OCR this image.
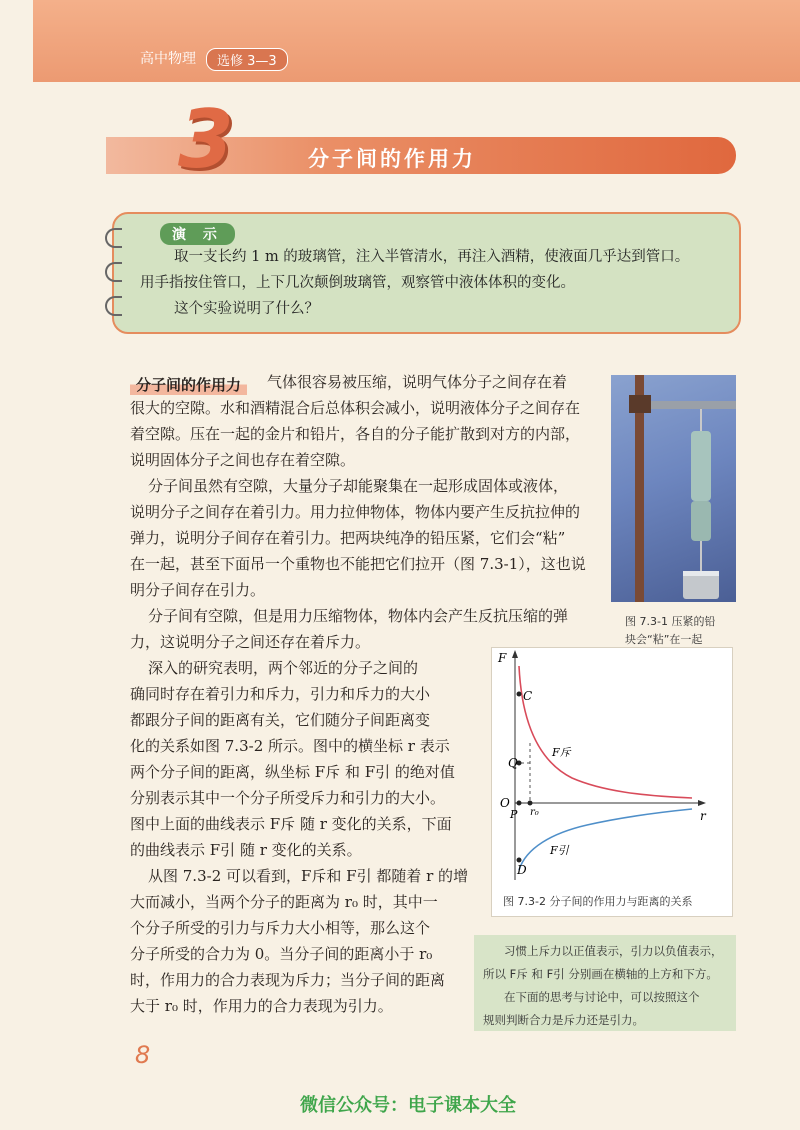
高中物理	选修 3—3
3	分子间的作用力
演 示
取一支长约 1 m 的玻璃管，注入半管清水，再注入酒精，使液面几乎达到管口。
用手指按住管口，上下几次颠倒玻璃管，观察管中液体体积的变化。
这个实验说明了什么？
分子间的作用力	气体很容易被压缩，说明气体分子之间存在着
很大的空隙。水和酒精混合后总体积会减小，说明液体分子之间存在
着空隙。压在一起的金片和铅片，各自的分子能扩散到对方的内部，
说明固体分子之间也存在着空隙。
分子间虽然有空隙，大量分子却能聚集在一起形成固体或液体，
说明分子之间存在着引力。用力拉伸物体，物体内要产生反抗拉伸的
弹力，说明分子间存在着引力。把两块纯净的铅压紧，它们会“粘”
在一起，甚至下面吊一个重物也不能把它们拉开（图 7.3-1），这也说
明分子间存在引力。
分子间有空隙，但是用力压缩物体，物体内会产生反抗压缩的弹
力，这说明分子之间还存在着斥力。
深入的研究表明，两个邻近的分子之间的
确同时存在着引力和斥力，引力和斥力的大小
都跟分子间的距离有关，它们随分子间距离变
化的关系如图 7.3-2 所示。图中的横坐标 r 表示
两个分子间的距离，纵坐标 F斥 和 F引 的绝对值
分别表示其中一个分子所受斥力和引力的大小。
图中上面的曲线表示 F斥 随 r 变化的关系，下面
的曲线表示 F引 随 r 变化的关系。
从图 7.3-2 可以看到，F斥和 F引 都随着 r 的增
大而减小，当两个分子的距离为 r₀ 时，其中一
个分子所受的引力与斥力大小相等，那么这个
分子所受的合力为 0。当分子间的距离小于 r₀
时，作用力的合力表现为斥力；当分子间的距离
大于 r₀ 时，作用力的合力表现为引力。
图 7.3-1 压紧的铅
块会“粘”在一起
F
r
O
P r₀
C
Q
D
F斥
F引
图 7.3-2 分子间的作用力与距离的关系
习惯上斥力以正值表示，引力以负值表示，
所以 F斥 和 F引 分别画在横轴的上方和下方。
在下面的思考与讨论中，可以按照这个
规则判断合力是斥力还是引力。
8
微信公众号：电子课本大全
